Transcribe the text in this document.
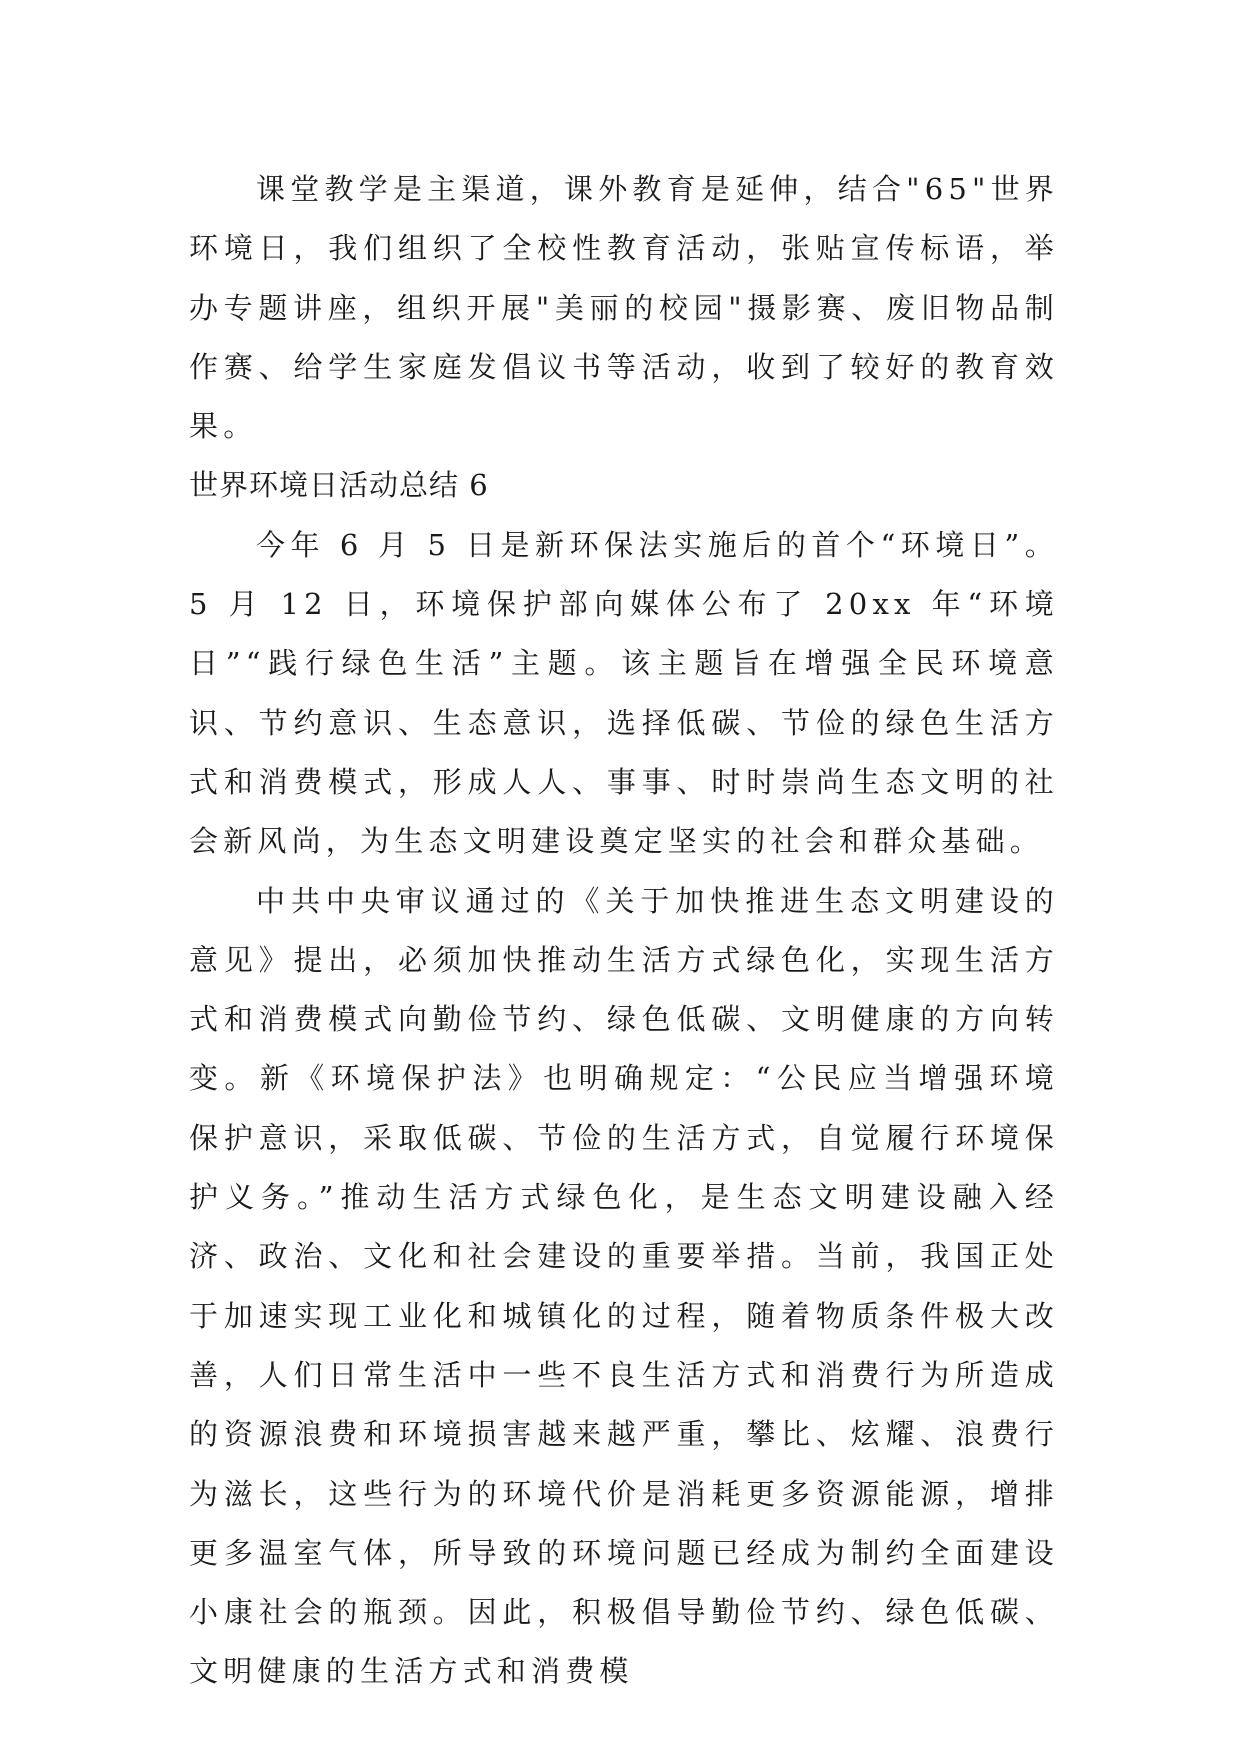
课堂教学是主渠道，课外教育是延伸，结合"65"世界环境日，我们组织了全校性教育活动，张贴宣传标语，举办专题讲座，组织开展"美丽的校园"摄影赛、废旧物品制作赛、给学生家庭发倡议书等活动，收到了较好的教育效果。

世界环境日活动总结 6

今年 6 月 5 日是新环保法实施后的首个“环境日”。5 月 12 日，环境保护部向媒体公布了 20xx 年“环境日”“践行绿色生活”主题。该主题旨在增强全民环境意识、节约意识、生态意识，选择低碳、节俭的绿色生活方式和消费模式，形成人人、事事、时时崇尚生态文明的社会新风尚，为生态文明建设奠定坚实的社会和群众基础。

中共中央审议通过的《关于加快推进生态文明建设的意见》提出，必须加快推动生活方式绿色化，实现生活方式和消费模式向勤俭节约、绿色低碳、文明健康的方向转变。新《环境保护法》也明确规定：“公民应当增强环境保护意识，采取低碳、节俭的生活方式，自觉履行环境保护义务。”推动生活方式绿色化，是生态文明建设融入经济、政治、文化和社会建设的重要举措。当前，我国正处于加速实现工业化和城镇化的过程，随着物质条件极大改善，人们日常生活中一些不良生活方式和消费行为所造成的资源浪费和环境损害越来越严重，攀比、炫耀、浪费行为滋长，这些行为的环境代价是消耗更多资源能源，增排更多温室气体，所导致的环境问题已经成为制约全面建设小康社会的瓶颈。因此，积极倡导勤俭节约、绿色低碳、文明健康的生活方式和消费模
